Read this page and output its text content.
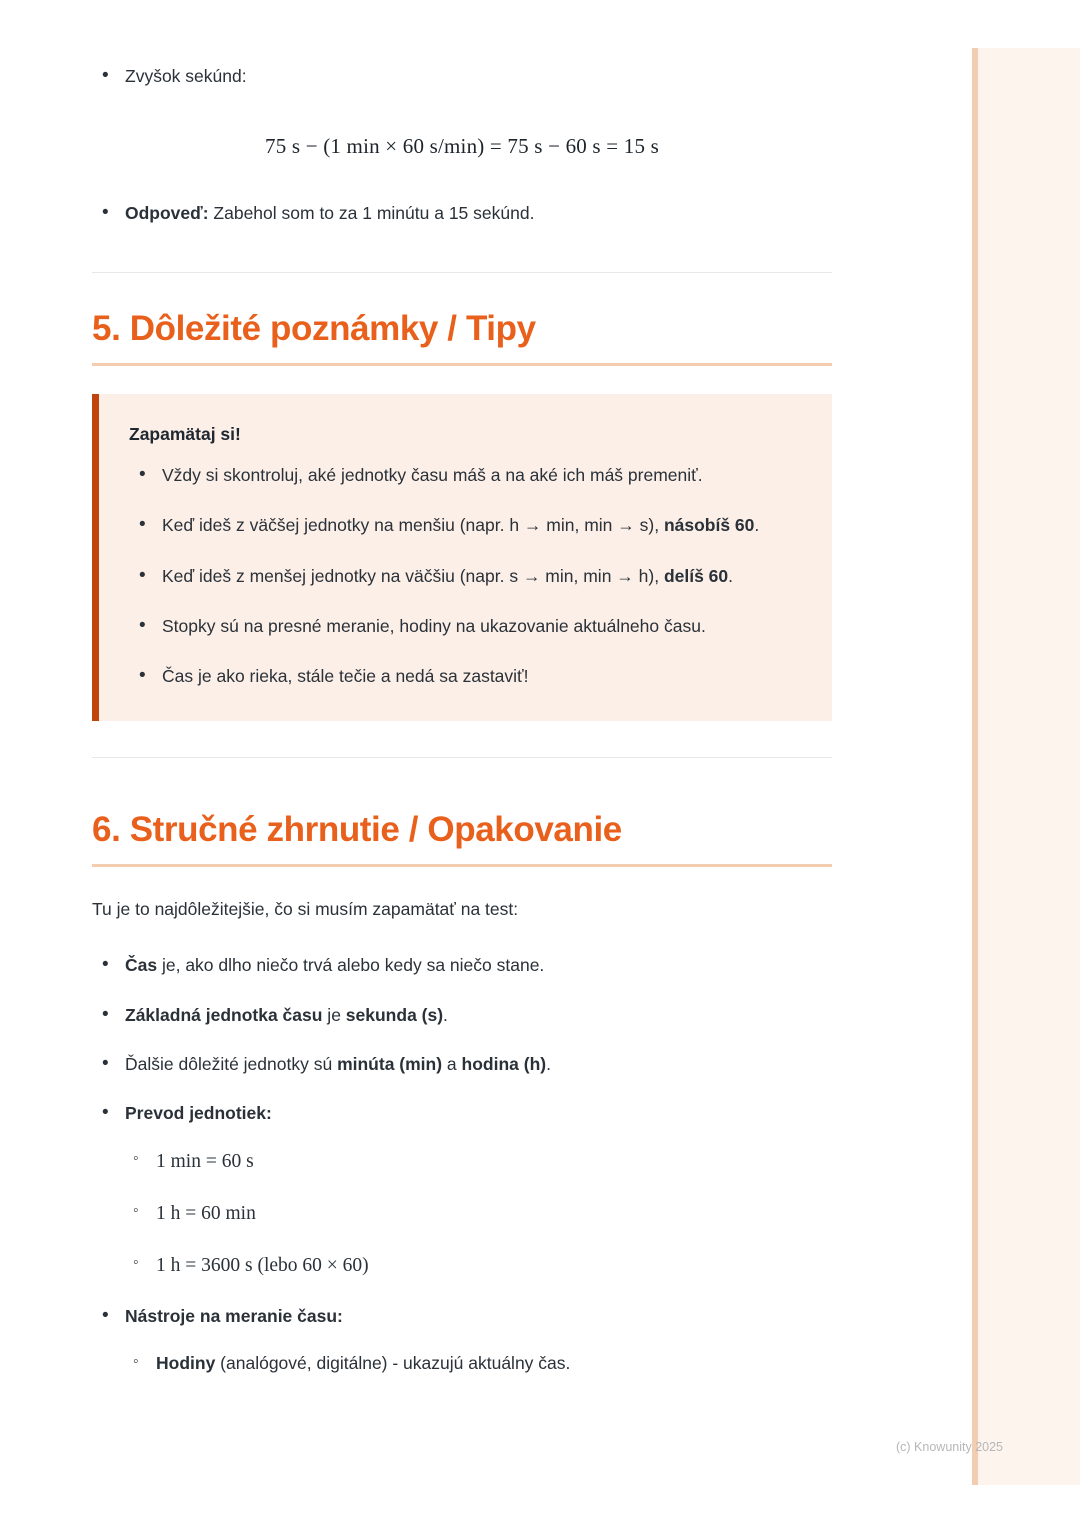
• Zvyšok sekúnd:
75 s − (1 min × 60 s/min) = 75 s − 60 s = 15 s
• Odpoveď: Zabehol som to za 1 minútu a 15 sekúnd.
5. Dôležité poznámky / Tipy
Zapamätaj si!
• Vždy si skontroluj, aké jednotky času máš a na aké ich máš premeniť.
• Keď ideš z väčšej jednotky na menšiu (napr. h → min, min → s), násobíš 60.
• Keď ideš z menšej jednotky na väčšiu (napr. s → min, min → h), delíš 60.
• Stopky sú na presné meranie, hodiny na ukazovanie aktuálneho času.
• Čas je ako rieka, stále tečie a nedá sa zastaviť!
6. Stručné zhrnutie / Opakovanie

Tu je to najdôležitejšie, čo si musím zapamätať na test:

• Čas je, ako dlho niečo trvá alebo kedy sa niečo stane.
• Základná jednotka času je sekunda (s).
• Ďalšie dôležité jednotky sú minúta (min) a hodina (h).
• Prevod jednotiek:
◦ 1 min = 60 s
◦ 1 h = 60 min
◦ 1 h = 3600 s (lebo 60 × 60)
• Nástroje na meranie času:
◦ Hodiny (analógové, digitálne) - ukazujú aktuálny čas.
(c) Knowunity 2025
